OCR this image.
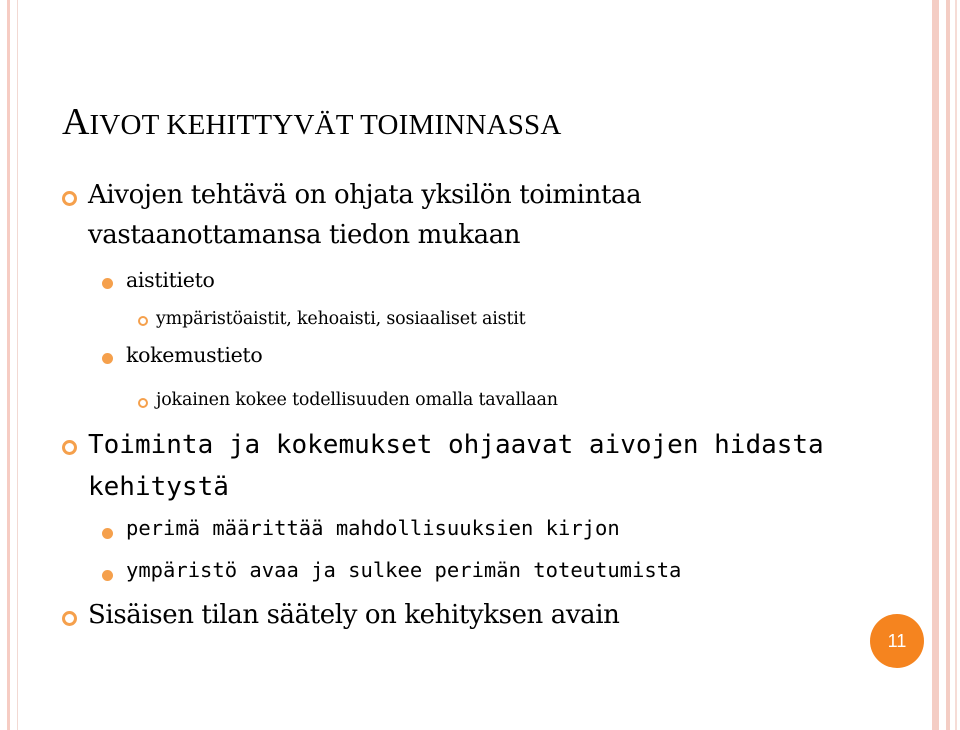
AIVOT KEHITTYVÄT TOIMINNASSA

Aivojen tehtävä on ohjata yksilön toimintaa

vastaanottamansa tiedon mukaan

aistitieto

ympäristöaistit, kehoaisti, sosiaaliset aistit

kokemustieto

jokainen kokee todellisuuden omalla tavallaan

Toiminta ja kokemukset ohjaavat aivojen hidasta

kehitystä

perimä määrittää mahdollisuuksien kirjon

ympäristö avaa ja sulkee perimän toteutumista

Sisäisen tilan säätely on kehityksen avain

11
